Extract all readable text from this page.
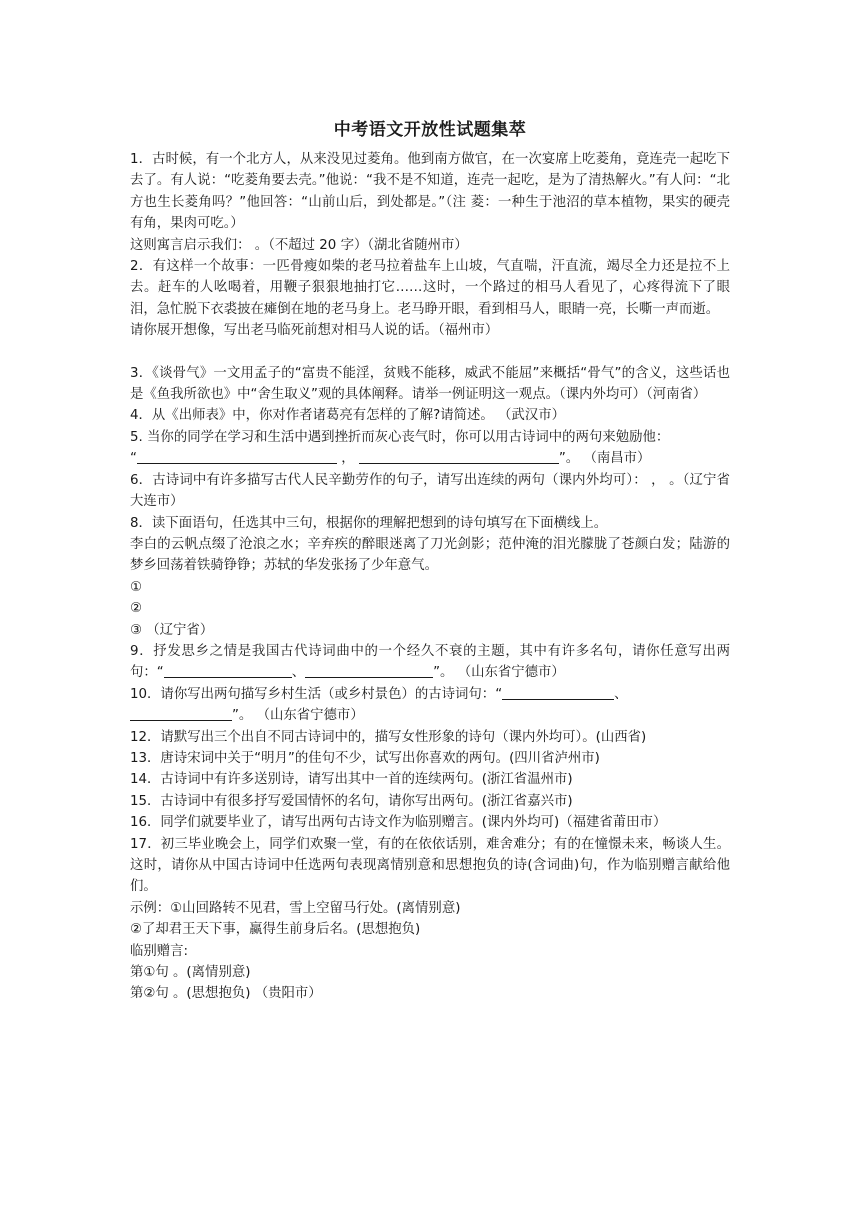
中考语文开放性试题集萃

1．古时候，有一个北方人，从来没见过菱角。他到南方做官，在一次宴席上吃菱角，竟连壳一起吃下去了。有人说：“吃菱角要去壳。”他说：“我不是不知道，连壳一起吃，是为了清热解火。”有人问：“北方也生长菱角吗？”他回答：“山前山后，到处都是。”（注 菱：一种生于池沼的草本植物，果实的硬壳有角，果肉可吃。）

这则寓言启示我们： 。（不超过 20 字）（湖北省随州市）

2．有这样一个故事：一匹骨瘦如柴的老马拉着盐车上山坡，气直喘，汗直流，竭尽全力还是拉不上去。赶车的人吆喝着，用鞭子狠狠地抽打它……这时，一个路过的相马人看见了，心疼得流下了眼泪，急忙脱下衣裘披在瘫倒在地的老马身上。老马睁开眼，看到相马人，眼睛一亮，长嘶一声而逝。

请你展开想像，写出老马临死前想对相马人说的话。（福州市）

3．《谈骨气》一文用孟子的“富贵不能淫，贫贱不能移，威武不能屈”来概括“骨气”的含义，这些话也是《鱼我所欲也》中“舍生取义”观的具体阐释。请举一例证明这一观点。（课内外均可）（河南省）

4．从《出师表》中，你对作者诸葛亮有怎样的了解?请简述。 （武汉市）

5. 当你的同学在学习和生活中遇到挫折而灰心丧气时，你可以用古诗词中的两句来勉励他：
“	，	”。 （南昌市）

6．古诗词中有许多描写古代人民辛勤劳作的句子，请写出连续的两句（课内外均可）： ， 。（辽宁省大连市）

8．读下面语句，任选其中三句，根据你的理解把想到的诗句填写在下面横线上。

李白的云帆点缀了沧浪之水；辛弃疾的醉眼迷离了刀光剑影；范仲淹的泪光朦胧了苍颜白发；陆游的梦乡回荡着铁骑铮铮；苏轼的华发张扬了少年意气。

①

②

③ （辽宁省）

9．抒发思乡之情是我国古代诗词曲中的一个经久不衰的主题，其中有许多名句，请你任意写出两句：“	、	”。 （山东省宁德市）

10．请你写出两句描写乡村生活（或乡村景色）的古诗词句：“	、
”。 （山东省宁德市）

12．请默写出三个出自不同古诗词中的，描写女性形象的诗句（课内外均可）。(山西省)

13．唐诗宋词中关于“明月”的佳句不少，试写出你喜欢的两句。(四川省泸州市)

14．古诗词中有许多送别诗，请写出其中一首的连续两句。(浙江省温州市)

15．古诗词中有很多抒写爱国情怀的名句，请你写出两句。(浙江省嘉兴市)

16．同学们就要毕业了，请写出两句古诗文作为临别赠言。(课内外均可)（福建省莆田市）

17．初三毕业晚会上，同学们欢聚一堂，有的在依依话别，难舍难分；有的在憧憬未来，畅谈人生。这时，请你从中国古诗词中任选两句表现离情别意和思想抱负的诗(含词曲)句，作为临别赠言献给他们。

示例：①山回路转不见君，雪上空留马行处。(离情别意)

②了却君王天下事，赢得生前身后名。(思想抱负)

临别赠言:

第①句 。(离情别意)

第②句 。(思想抱负) （贵阳市）
